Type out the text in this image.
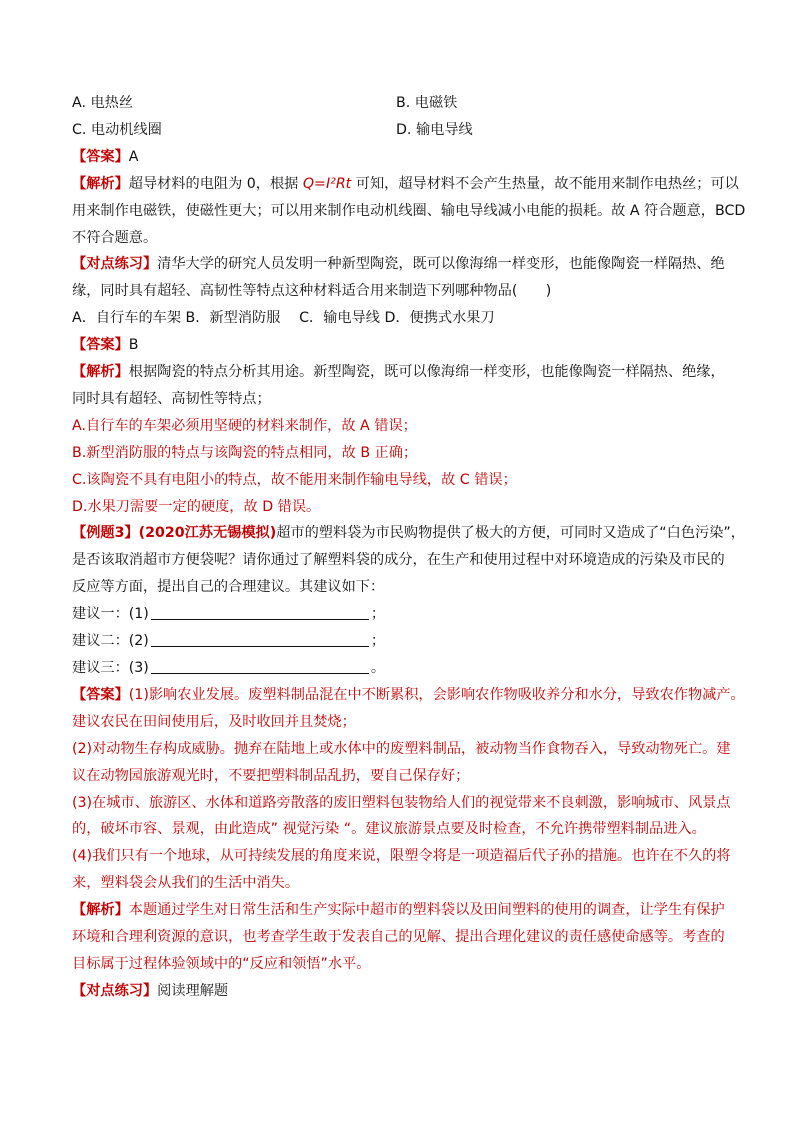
A. 电热丝	B. 电磁铁
C. 电动机线圈	D. 输电导线
【答案】A
【解析】超导材料的电阻为 0，根据 Q=I²Rt 可知，超导材料不会产生热量，故不能用来制作电热丝；可以
用来制作电磁铁，使磁性更大；可以用来制作电动机线圈、输电导线减小电能的损耗。故 A 符合题意，BCD
不符合题意。
【对点练习】清华大学的研究人员发明一种新型陶瓷，既可以像海绵一样变形，也能像陶瓷一样隔热、绝
缘，同时具有超轻、高韧性等特点这种材料适合用来制造下列哪种物品(　　)
A．自行车的车架 B．新型消防服　 C．输电导线 D．便携式水果刀
【答案】B
【解析】根据陶瓷的特点分析其用途。新型陶瓷，既可以像海绵一样变形，也能像陶瓷一样隔热、绝缘，
同时具有超轻、高韧性等特点；
A.自行车的车架必须用坚硬的材料来制作，故 A 错误；
B.新型消防服的特点与该陶瓷的特点相同，故 B 正确；
C.该陶瓷不具有电阻小的特点，故不能用来制作输电导线，故 C 错误；
D.水果刀需要一定的硬度，故 D 错误。
【例题3】(2020江苏无锡模拟)超市的塑料袋为市民购物提供了极大的方便，可同时又造成了“白色污染”，
是否该取消超市方便袋呢？请你通过了解塑料袋的成分，在生产和使用过程中对环境造成的污染及市民的
反应等方面，提出自己的合理建议。其建议如下：
建议一：(1)	；
建议二：(2)	；
建议三：(3)	。
【答案】(1)影响农业发展。废塑料制品混在中不断累积，会影响农作物吸收养分和水分，导致农作物减产。
建议农民在田间使用后，及时收回并且焚烧；
(2)对动物生存构成威胁。抛弃在陆地上或水体中的废塑料制品，被动物当作食物吞入，导致动物死亡。建
议在动物园旅游观光时，不要把塑料制品乱扔，要自己保存好；
(3)在城市、旅游区、水体和道路旁散落的废旧塑料包装物给人们的视觉带来不良刺激，影响城市、风景点
的，破坏市容、景观，由此造成” 视觉污染 “。建议旅游景点要及时检查，不允许携带塑料制品进入。
(4)我们只有一个地球，从可持续发展的角度来说，限塑令将是一项造福后代子孙的措施。也许在不久的将
来，塑料袋会从我们的生活中消失。
【解析】本题通过学生对日常生活和生产实际中超市的塑料袋以及田间塑料的使用的调查，让学生有保护
环境和合理利资源的意识，也考查学生敢于发表自己的见解、提出合理化建议的责任感使命感等。考查的
目标属于过程体验领域中的“反应和领悟”水平。
【对点练习】阅读理解题
